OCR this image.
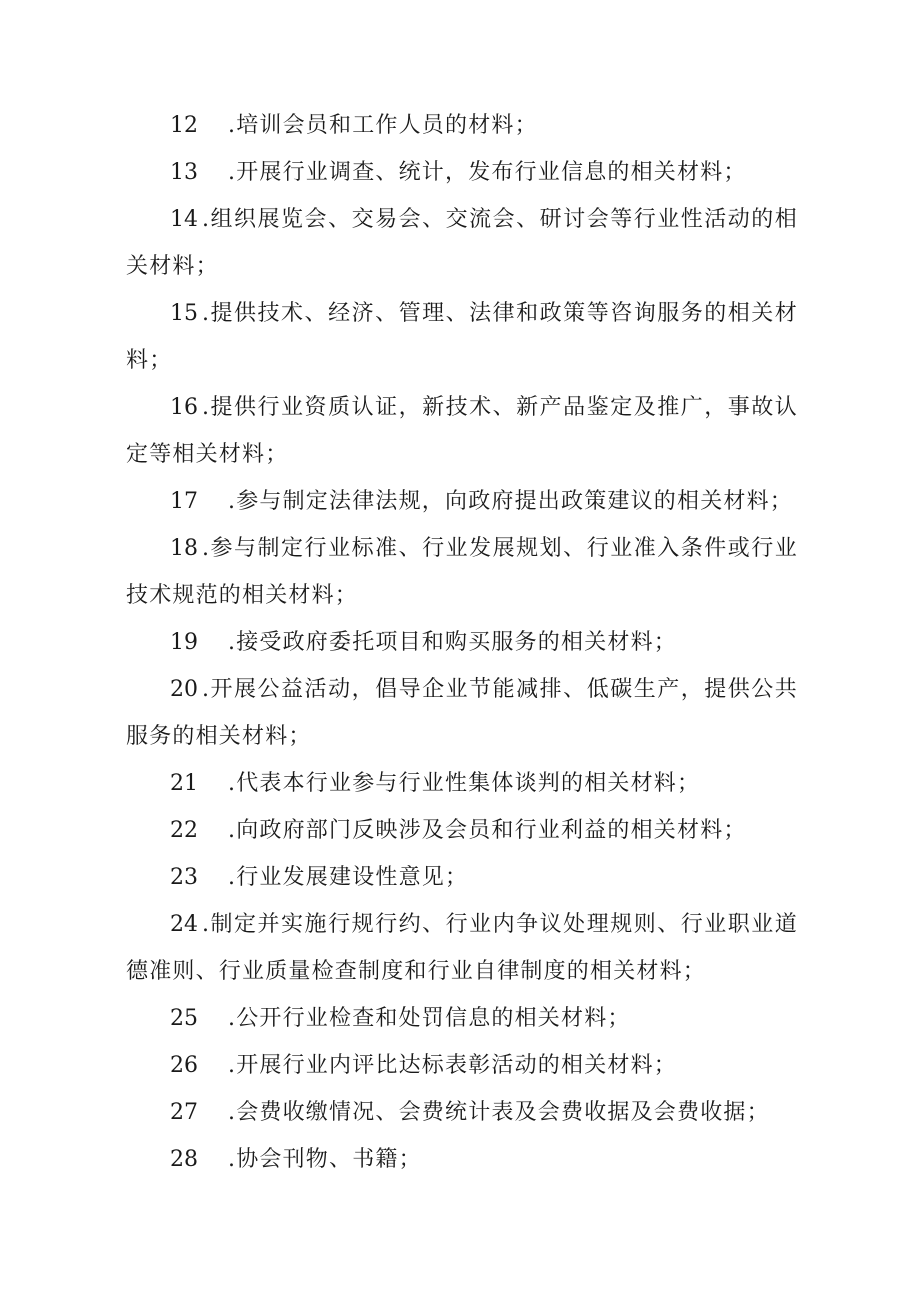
12 .培训会员和工作人员的材料；

13 .开展行业调查、统计，发布行业信息的相关材料；

14 .组织展览会、交易会、交流会、研讨会等行业性活动的相关材料；

15 .提供技术、经济、管理、法律和政策等咨询服务的相关材料；

16 .提供行业资质认证，新技术、新产品鉴定及推广，事故认定等相关材料；

17 .参与制定法律法规，向政府提出政策建议的相关材料；

18 .参与制定行业标准、行业发展规划、行业准入条件或行业技术规范的相关材料；

19 .接受政府委托项目和购买服务的相关材料；

20 .开展公益活动，倡导企业节能减排、低碳生产，提供公共服务的相关材料；

21 .代表本行业参与行业性集体谈判的相关材料；

22 .向政府部门反映涉及会员和行业利益的相关材料；

23 .行业发展建设性意见；

24 .制定并实施行规行约、行业内争议处理规则、行业职业道德准则、行业质量检查制度和行业自律制度的相关材料；

25 .公开行业检查和处罚信息的相关材料；

26 .开展行业内评比达标表彰活动的相关材料；

27 .会费收缴情况、会费统计表及会费收据及会费收据；

28 .协会刊物、书籍；
